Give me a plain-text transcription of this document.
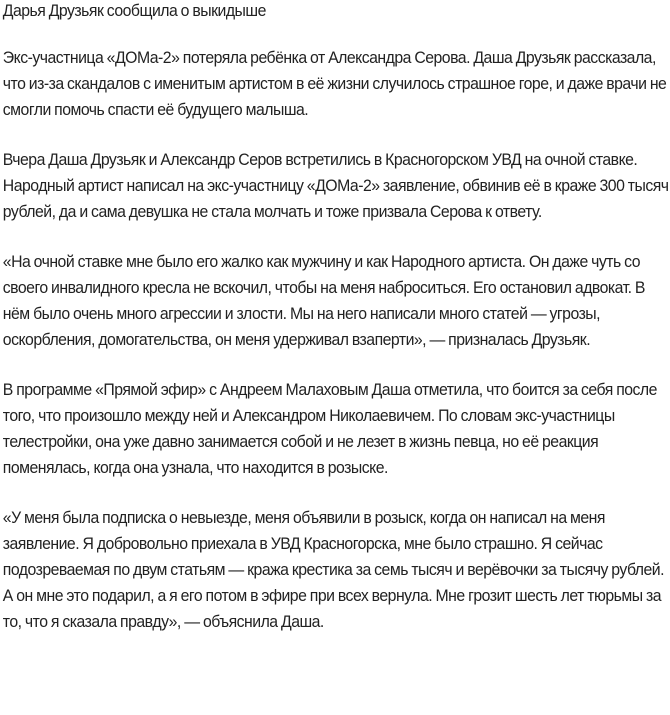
Дарья Друзьяк сообщила о выкидыше

Экс-участница «ДОМа-2» потеряла ребёнка от Александра Серова. Даша Друзьяк рассказала, что из-за скандалов с именитым артистом в её жизни случилось страшное горе, и даже врачи не смогли помочь спасти её будущего малыша.

Вчера Даша Друзьяк и Александр Серов встретились в Красногорском УВД на очной ставке. Народный артист написал на экс-участницу «ДОМа-2» заявление, обвинив её в краже 300 тысяч рублей, да и сама девушка не стала молчать и тоже призвала Серова к ответу.

«На очной ставке мне было его жалко как мужчину и как Народного артиста. Он даже чуть со своего инвалидного кресла не вскочил, чтобы на меня наброситься. Его остановил адвокат. В нём было очень много агрессии и злости. Мы на него написали много статей — угрозы, оскорбления, домогательства, он меня удерживал взаперти», — призналась Друзьяк.

В программе «Прямой эфир» с Андреем Малаховым Даша отметила, что боится за себя после того, что произошло между ней и Александром Николаевичем. По словам экс-участницы телестройки, она уже давно занимается собой и не лезет в жизнь певца, но её реакция поменялась, когда она узнала, что находится в розыске.

«У меня была подписка о невыезде, меня объявили в розыск, когда он написал на меня заявление. Я добровольно приехала в УВД Красногорска, мне было страшно. Я сейчас подозреваемая по двум статьям — кража крестика за семь тысяч и верёвочки за тысячу рублей. А он мне это подарил, а я его потом в эфире при всех вернула. Мне грозит шесть лет тюрьмы за то, что я сказала правду», — объяснила Даша.
